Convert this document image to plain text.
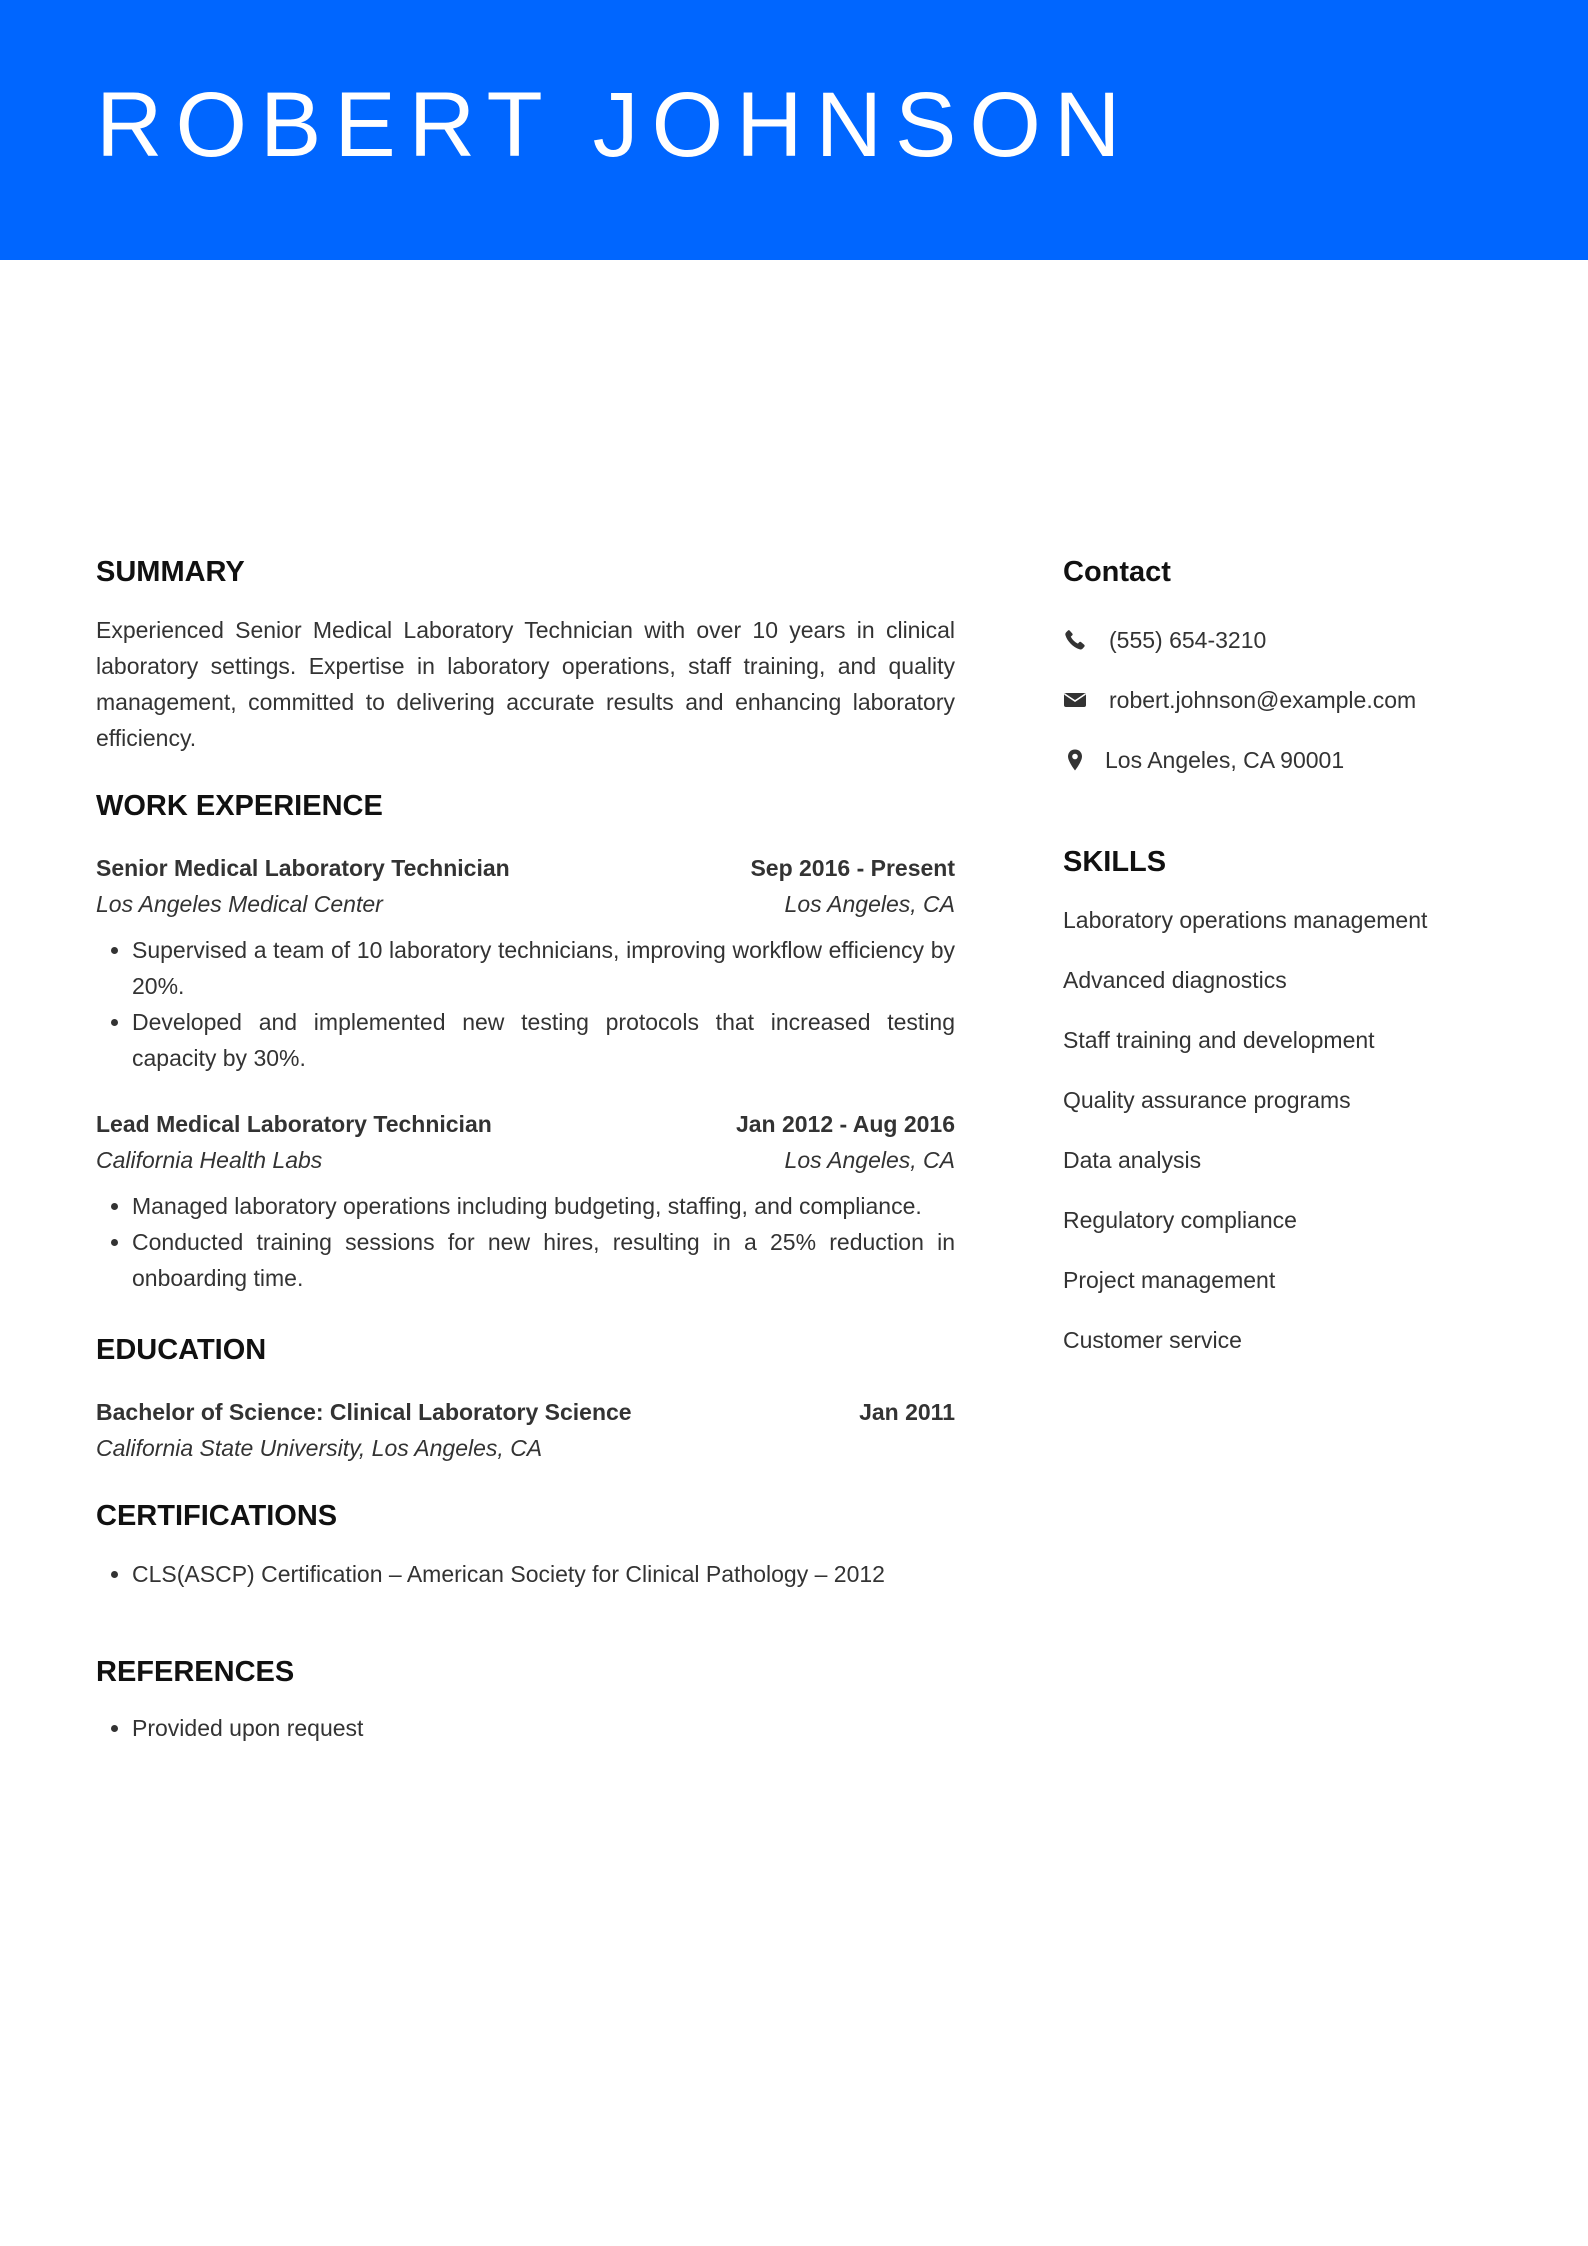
ROBERT JOHNSON
SUMMARY

Experienced Senior Medical Laboratory Technician with over 10 years in clinical laboratory settings. Expertise in laboratory operations, staff training, and quality management, committed to delivering accurate results and enhancing laboratory efficiency.

WORK EXPERIENCE
Senior Medical Laboratory Technician	Sep 2016 - Present
Los Angeles Medical Center	Los Angeles, CA
• Supervised a team of 10 laboratory technicians, improving workflow efficiency by 20%.
• Developed and implemented new testing protocols that increased testing capacity by 30%.
Lead Medical Laboratory Technician	Jan 2012 - Aug 2016
California Health Labs	Los Angeles, CA
• Managed laboratory operations including budgeting, staffing, and compliance.
• Conducted training sessions for new hires, resulting in a 25% reduction in onboarding time.
EDUCATION
Bachelor of Science: Clinical Laboratory Science	Jan 2011
California State University, Los Angeles, CA
CERTIFICATIONS
• CLS(ASCP) Certification – American Society for Clinical Pathology – 2012
REFERENCES
• Provided upon request
Contact
(555) 654-3210
robert.johnson@example.com
Los Angeles, CA 90001
SKILLS
Laboratory operations management
Advanced diagnostics
Staff training and development
Quality assurance programs
Data analysis
Regulatory compliance
Project management
Customer service
